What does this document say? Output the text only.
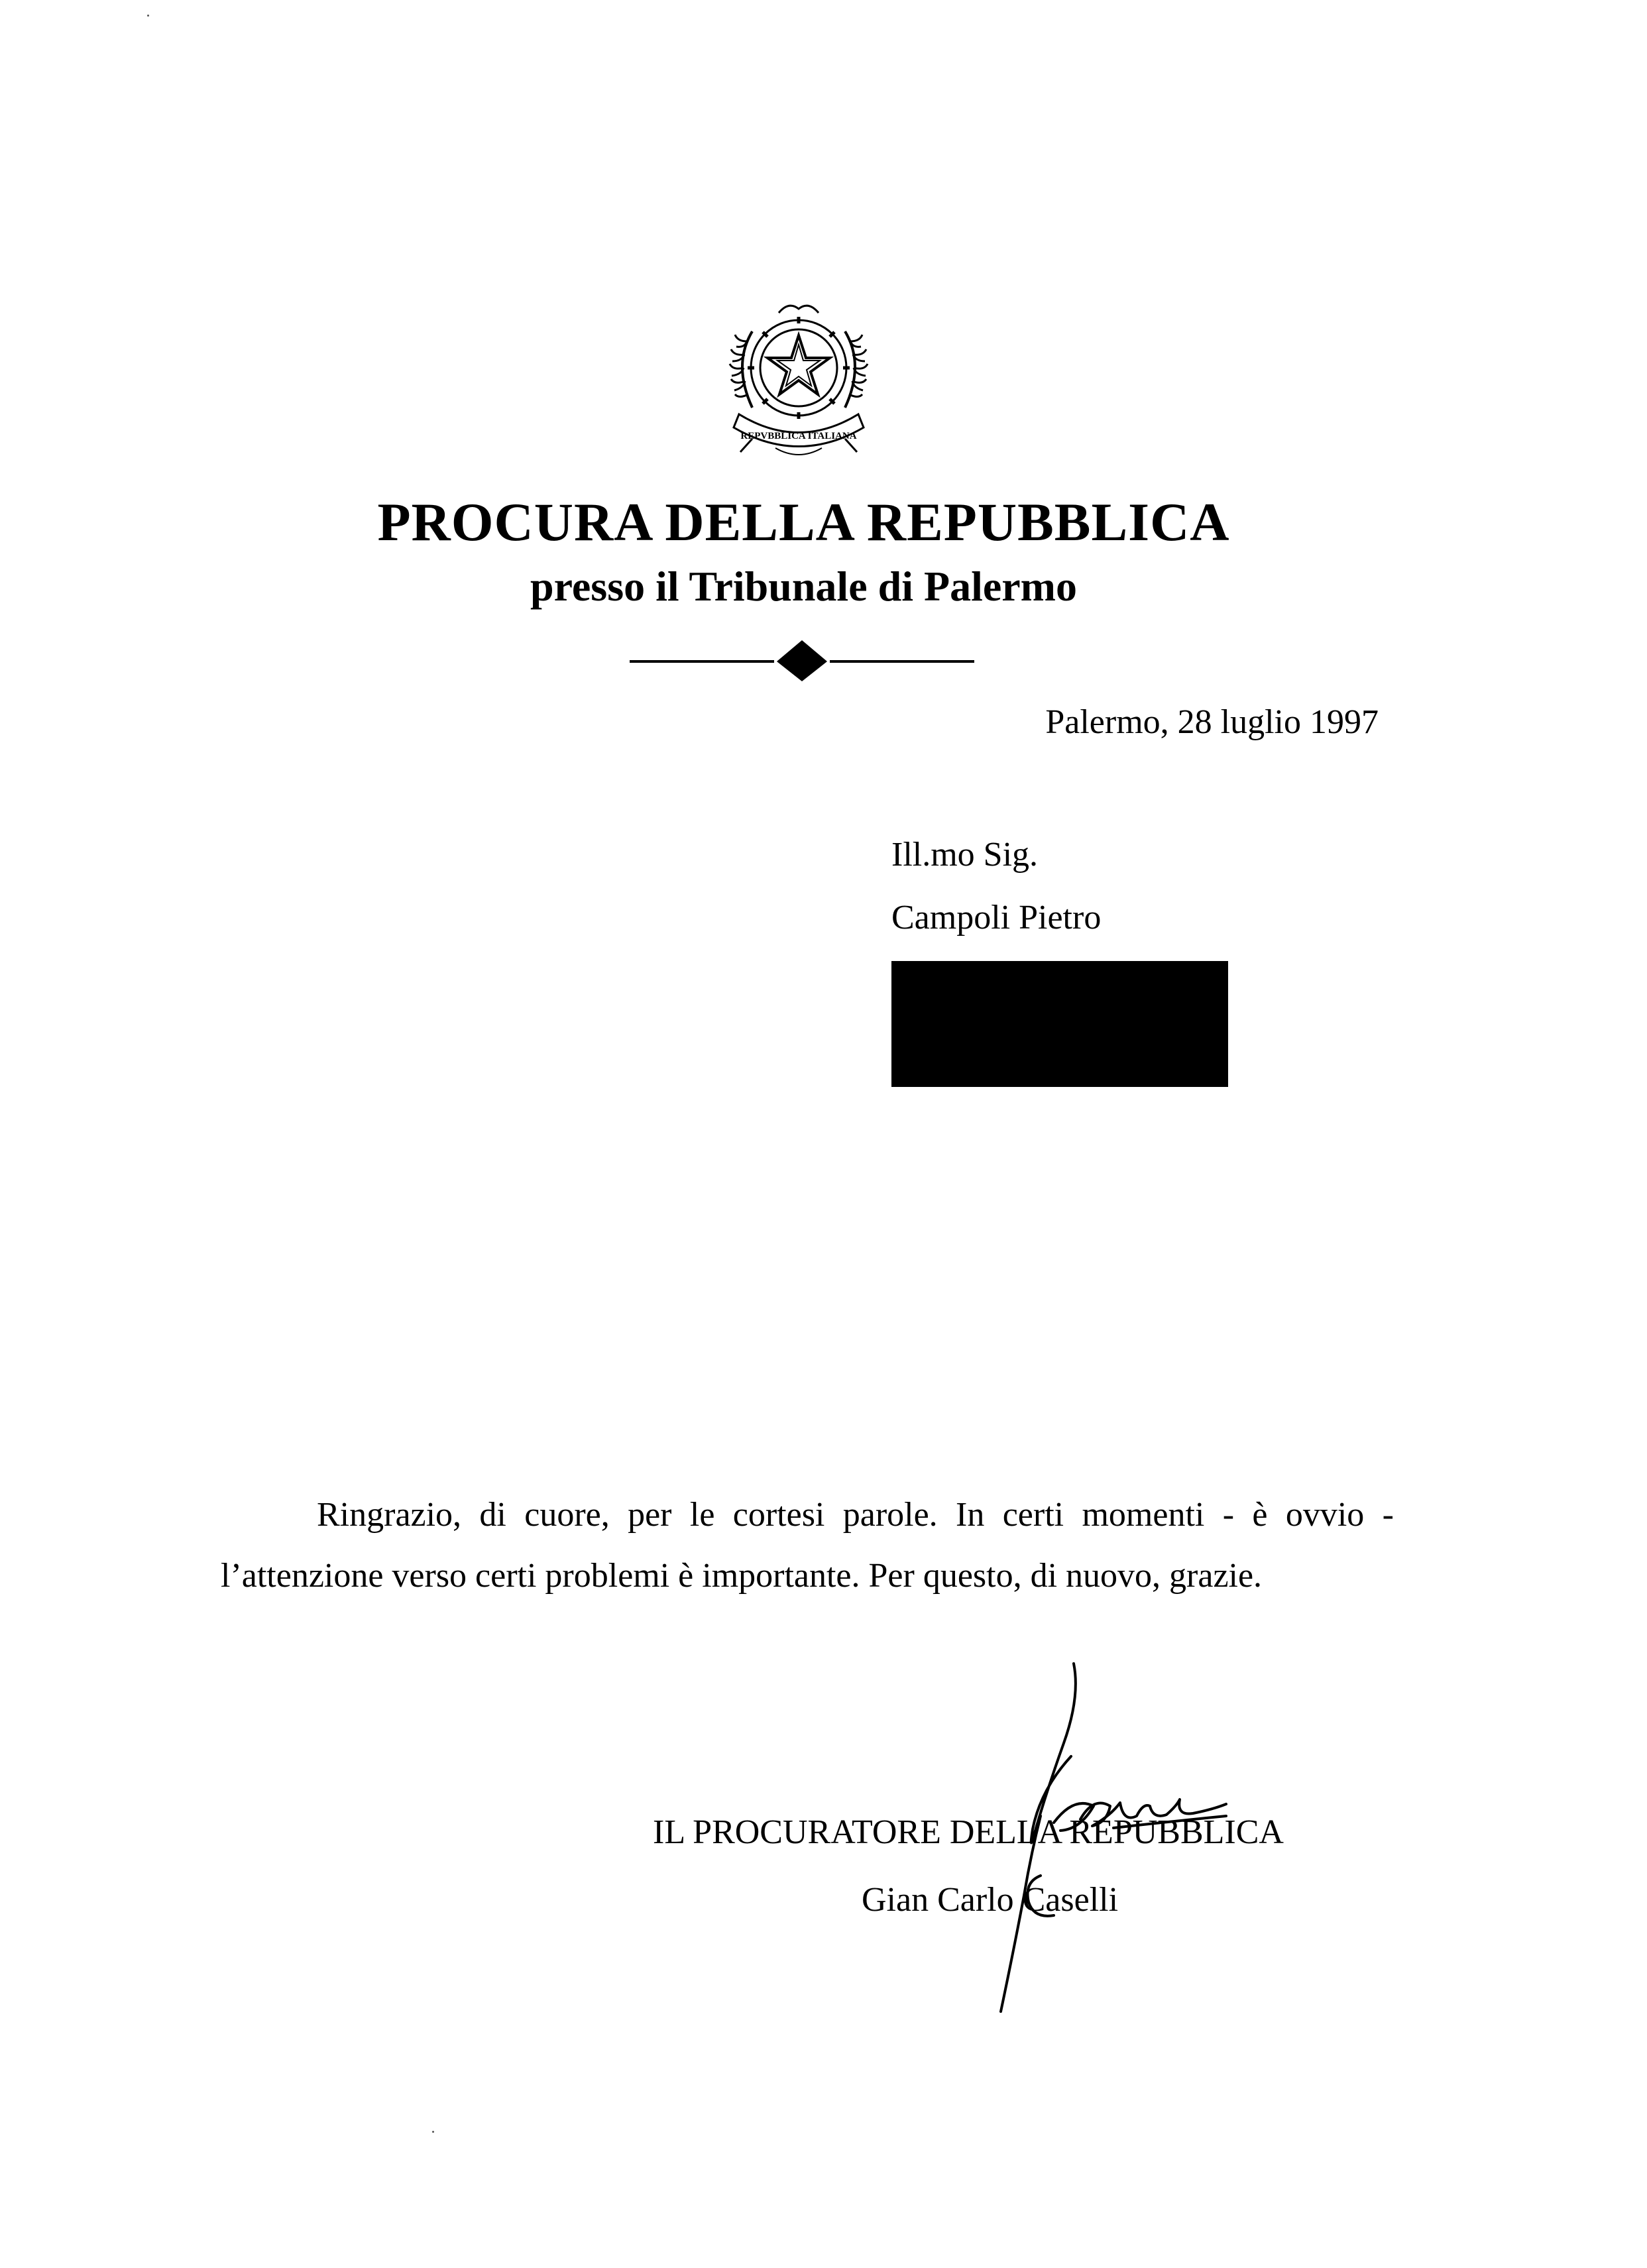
REPVBBLICA ITALIANA
PROCURA DELLA REPUBBLICA
presso il Tribunale di Palermo
Palermo, 28 luglio 1997
Ill.mo Sig.
Campoli Pietro

Ringrazio, di cuore, per le cortesi parole. In certi momenti - è ovvio - l’attenzione verso certi problemi è importante. Per questo, di nuovo, grazie.

IL PROCURATORE DELLA REPUBBLICA
Gian Carlo Caselli
